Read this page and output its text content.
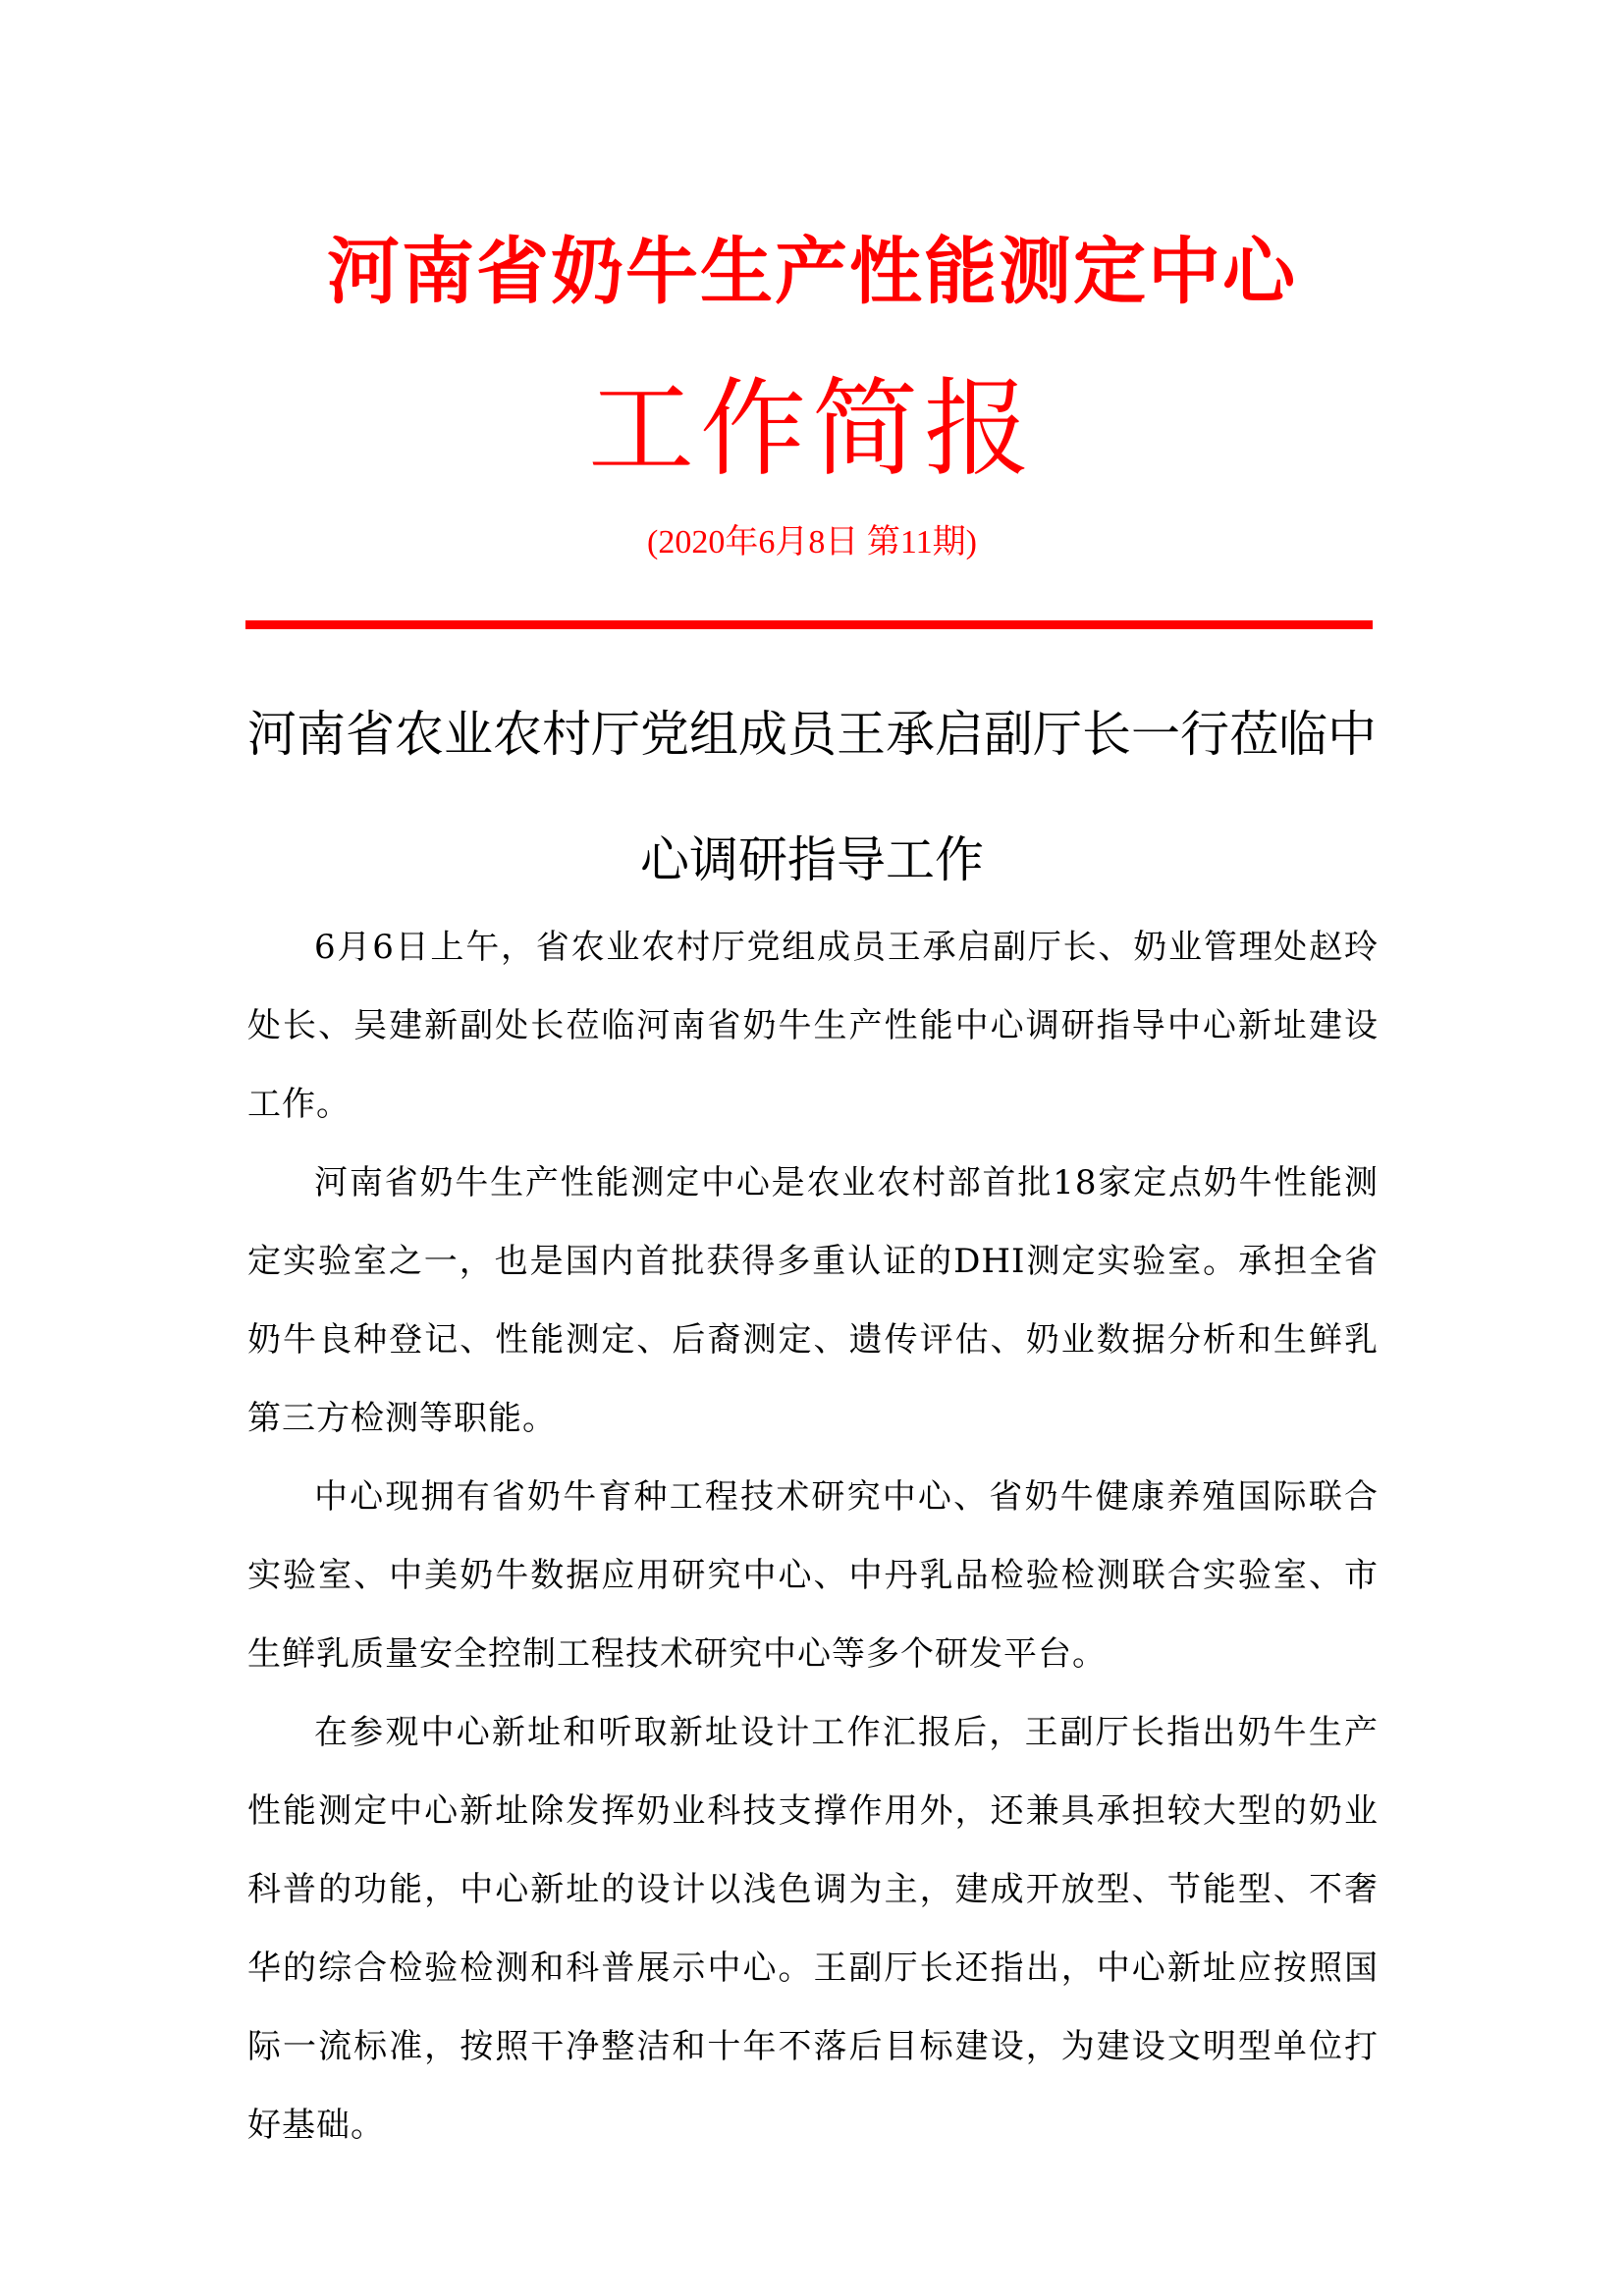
河南省奶牛生产性能测定中心
工作简报
(2020年6月8日 第11期)
河南省农业农村厅党组成员王承启副厅长一行莅临中
心调研指导工作

6月6日上午，省农业农村厅党组成员王承启副厅长、奶业管理处赵玲处长、吴建新副处长莅临河南省奶牛生产性能中心调研指导中心新址建设工作。

河南省奶牛生产性能测定中心是农业农村部首批18家定点奶牛性能测定实验室之一，也是国内首批获得多重认证的DHI测定实验室。承担全省奶牛良种登记、性能测定、后裔测定、遗传评估、奶业数据分析和生鲜乳第三方检测等职能。

中心现拥有省奶牛育种工程技术研究中心、省奶牛健康养殖国际联合实验室、中美奶牛数据应用研究中心、中丹乳品检验检测联合实验室、市生鲜乳质量安全控制工程技术研究中心等多个研发平台。

在参观中心新址和听取新址设计工作汇报后，王副厅长指出奶牛生产性能测定中心新址除发挥奶业科技支撑作用外，还兼具承担较大型的奶业科普的功能，中心新址的设计以浅色调为主，建成开放型、节能型、不奢华的综合检验检测和科普展示中心。王副厅长还指出，中心新址应按照国际一流标准，按照干净整洁和十年不落后目标建设，为建设文明型单位打好基础。
